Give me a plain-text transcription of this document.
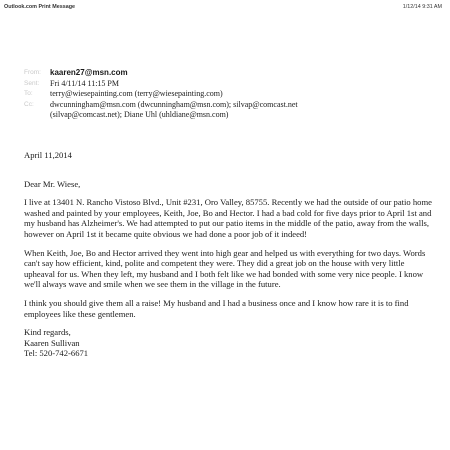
Outlook.com Print Message	1/12/14 9:31 AM
From:	kaaren27@msn.com
Sent:	Fri 4/11/14 11:15 PM
To:	terry@wiesepainting.com (terry@wiesepainting.com)
Cc:	dwcunningham@msn.com (dwcunningham@msn.com); silvap@comcast.net
(silvap@comcast.net); Diane Uhl (uhldiane@msn.com)
April 11,2014
Dear Mr. Wiese,
I live at 13401 N. Rancho Vistoso Blvd., Unit #231, Oro Valley, 85755. Recently we had the outside of our patio home washed and painted by your employees, Keith, Joe, Bo and Hector. I had a bad cold for five days prior to April 1st and my husband has Alzheimer's. We had attempted to put our patio items in the middle of the patio, away from the walls, however on April 1st it became quite obvious we had done a poor job of it indeed!
When Keith, Joe, Bo and Hector arrived they went into high gear and helped us with everything for two days. Words can't say how efficient, kind, polite and competent they were. They did a great job on the house with very little upheaval for us. When they left, my husband and I both felt like we had bonded with some very nice people. I know we'll always wave and smile when we see them in the village in the future.
I think you should give them all a raise! My husband and I had a business once and I know how rare it is to find employees like these gentlemen.
Kind regards,
Kaaren Sullivan
Tel: 520-742-6671
